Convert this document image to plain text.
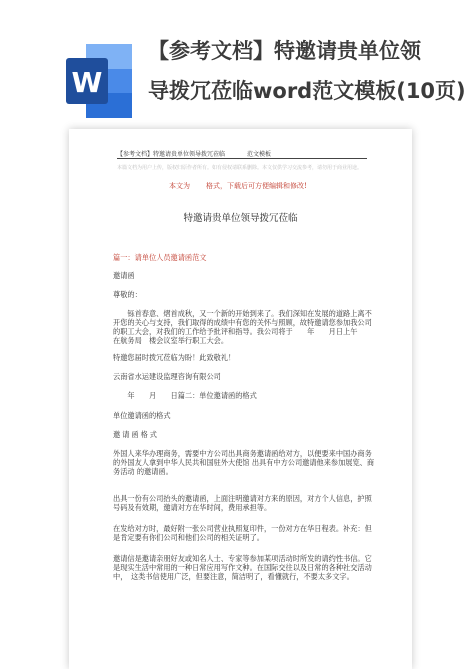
W
【参考文档】特邀请贵单位领
导拨冗莅临word范文模板(10页)
【参考文档】特邀请贵单位领导拨冗莅临	范文模板
本篇文档为用户上传，版权归原作者所有。如有侵权请联系删除。本文仅供学习交流参考，请勿用于商业用途。
本文为 格式，下载后可方便编辑和修改!
特邀请贵单位领导拨冗莅临
篇一：请单位人员邀请函范文
邀请函
尊敬的：
　　铄首春意、熠首成秋，又一个新的开始到来了。我们深知在发展的道路上离不开您的关心与支持，我们取得的成绩中有您的关怀与照顾，故特邀请您参加我公司的职工大会，对我们的工作给予批评和指导。我公司将于　　年　　月日上午　　在航务局　楼会议室举行职工大会。
特邀您届时拨冗莅临为盼！此致敬礼！
云南省水运建设监理咨询有限公司
　　年　　月　　日篇二：单位邀请函的格式
单位邀请函的格式
邀请函格式
外国人来华办理商务，需要中方公司出具商务邀请函给对方，以便要来中国办商务的外国友人拿到中华人民共和国驻外大使馆 出具有中方公司邀请他来参加展览、商务活动 的邀请函。
出具一份有公司抬头的邀请函，上面注明邀请对方来的原因，对方个人信息，护照号码及有效期，邀请对方在华时间，费用承担等。
在发给对方时，最好附一张公司营业执照复印件，一份对方在华日程表。补充：但是肯定要有你们公司和他们公司的相关证明了。
邀请信是邀请亲朋好友或知名人士、专家等参加某项活动时所发的请约性书信。它是现实生活中常用的一种日常应用写作文种。在国际交往以及日常的各种社交活动中，　这类书信使用广泛，但要注意，简洁明了，看懂就行，不要太多文字。
